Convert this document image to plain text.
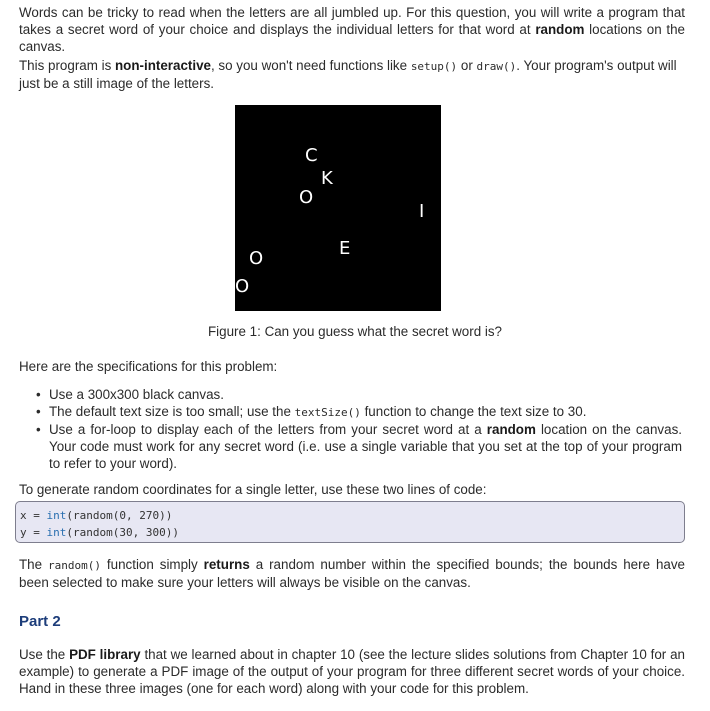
Words can be tricky to read when the letters are all jumbled up. For this question, you will write a program that takes a secret word of your choice and displays the individual letters for that word at random locations on the canvas.

This program is non-interactive, so you won't need functions like setup() or draw(). Your program's output will just be a still image of the letters.

C
K
O
I
E
O
O
Figure 1: Can you guess what the secret word is?

Here are the specifications for this problem:

• Use a 300x300 black canvas.
• The default text size is too small; use the textSize() function to change the text size to 30.
• Use a for-loop to display each of the letters from your secret word at a random location on the canvas. Your code must work for any secret word (i.e. use a single variable that you set at the top of your program to refer to your word).

To generate random coordinates for a single letter, use these two lines of code:

x = int(random(0, 270))
y = int(random(30, 300))

The random() function simply returns a random number within the specified bounds; the bounds here have been selected to make sure your letters will always be visible on the canvas.

Part 2

Use the PDF library that we learned about in chapter 10 (see the lecture slides solutions from Chapter 10 for an example) to generate a PDF image of the output of your program for three different secret words of your choice. Hand in these three images (one for each word) along with your code for this problem.
